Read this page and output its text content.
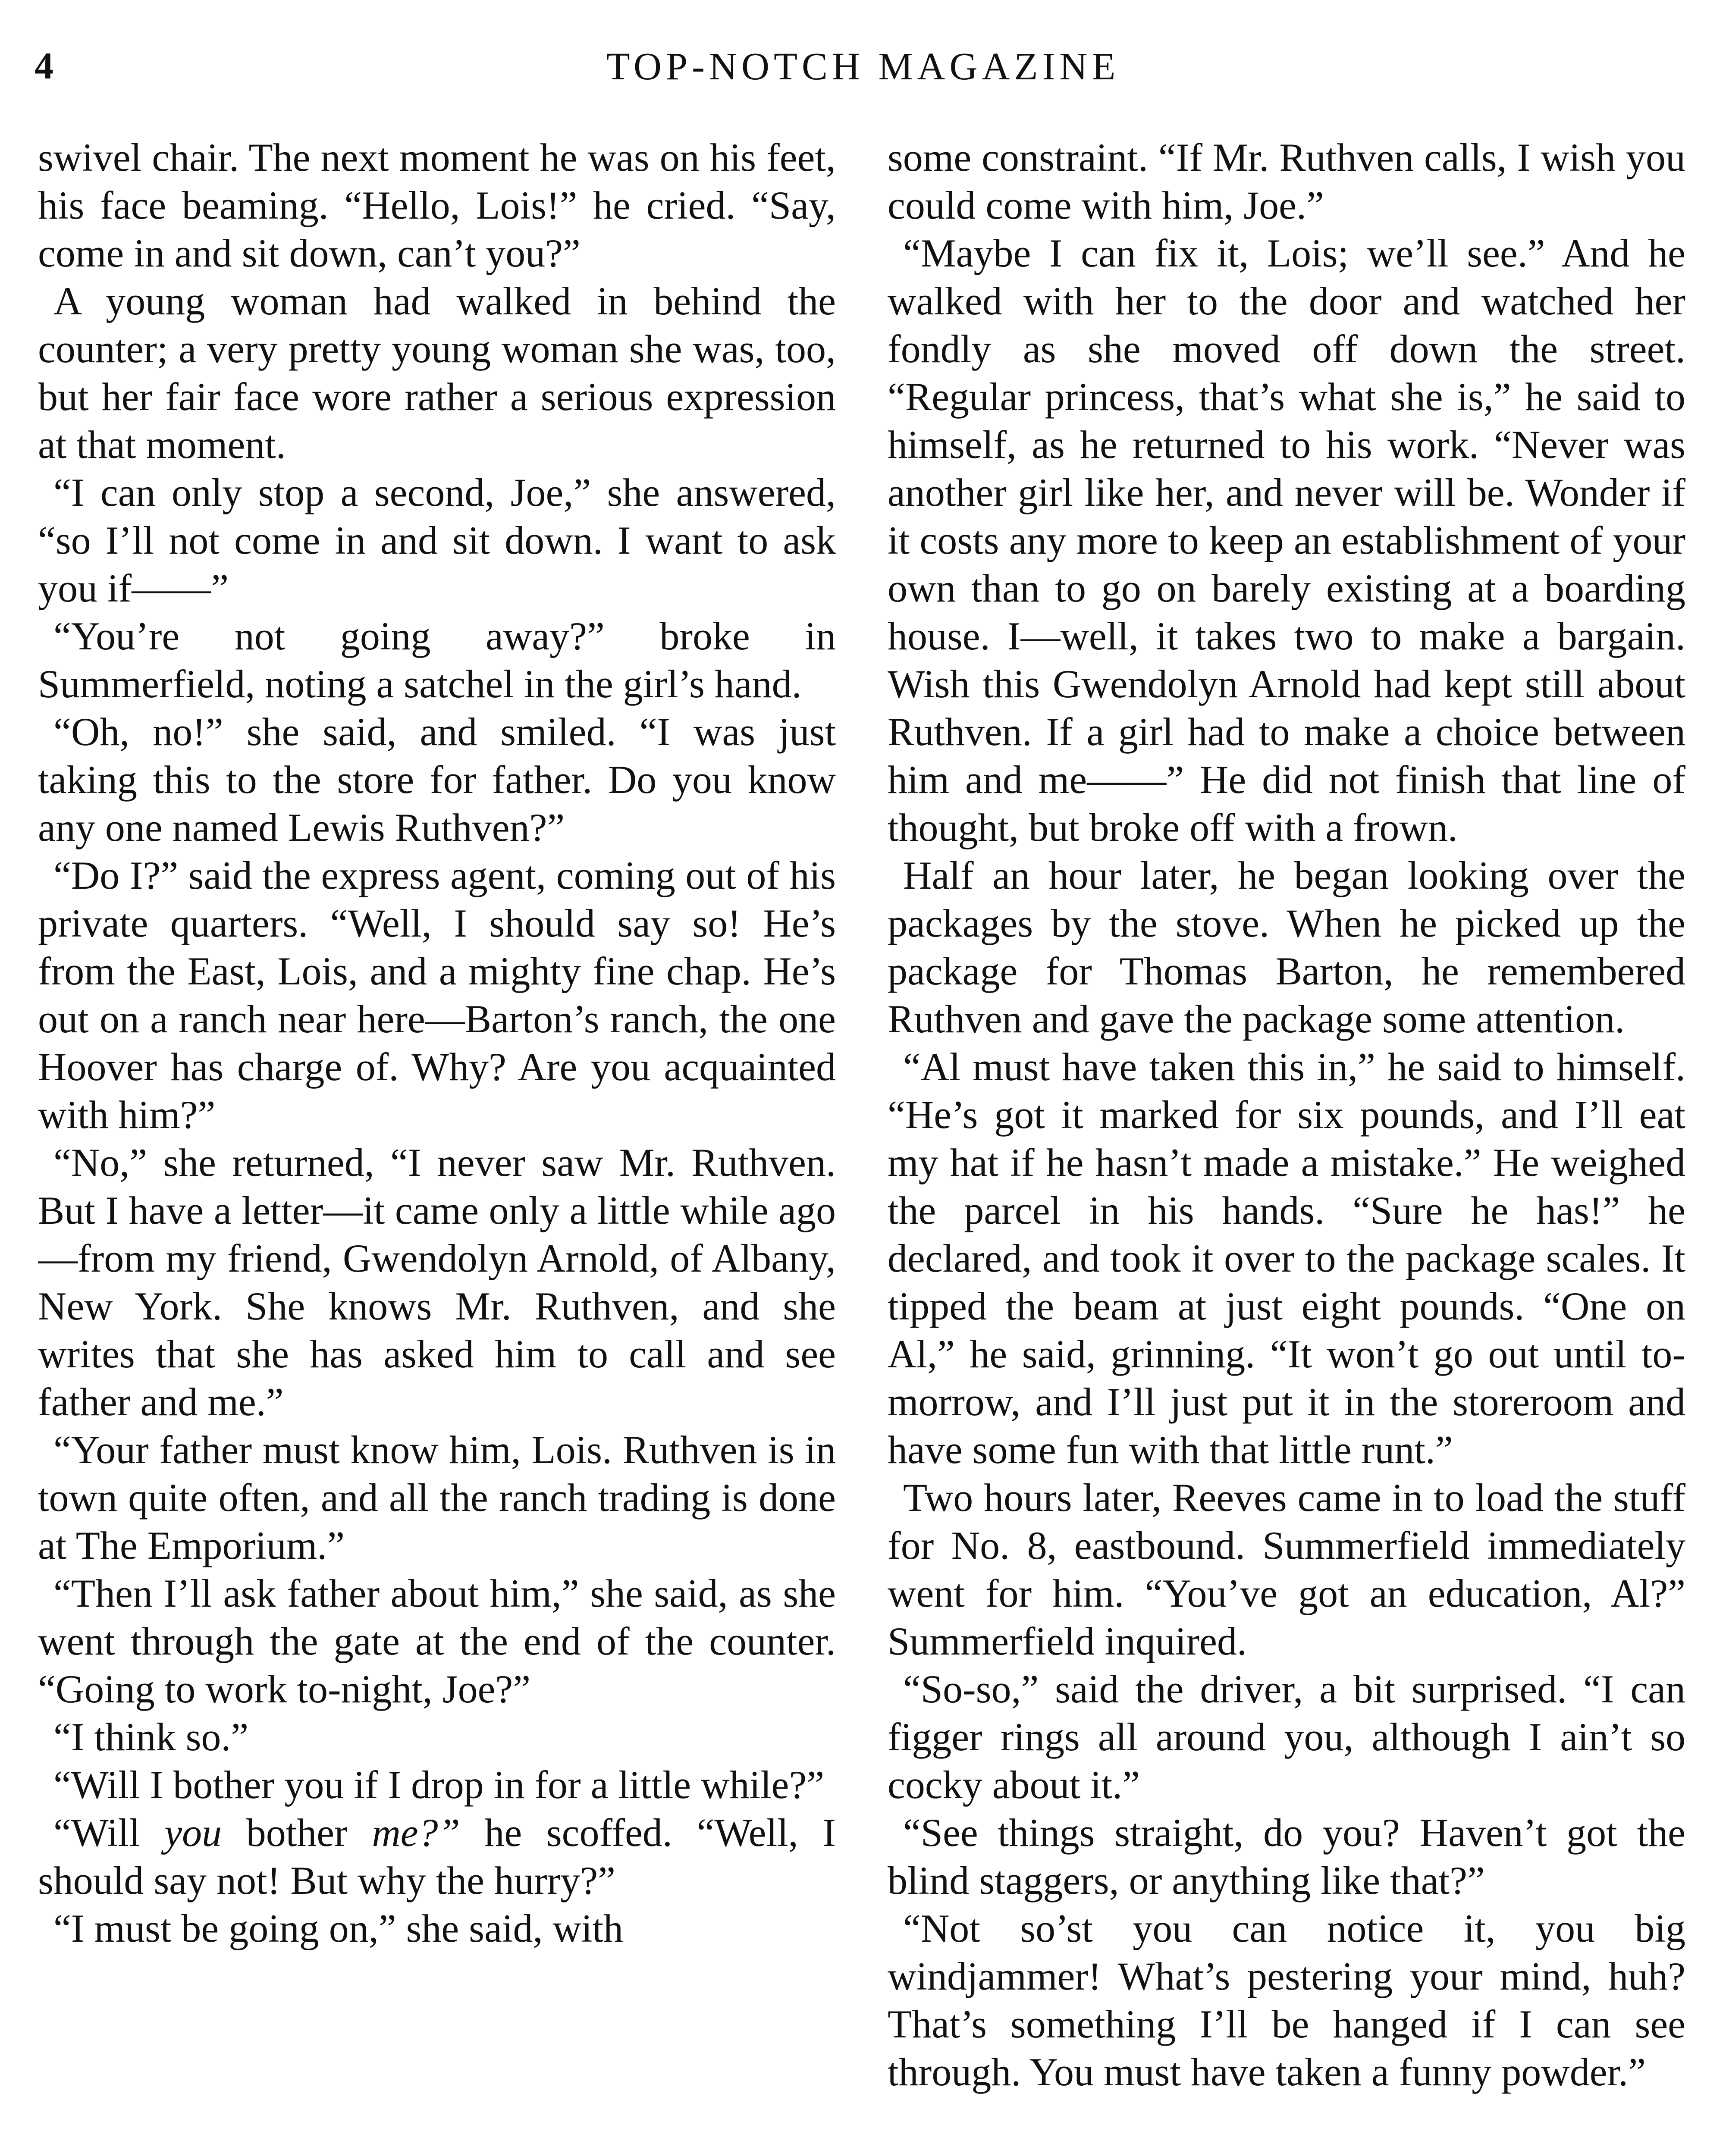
4	TOP-NOTCH MAGAZINE

swivel chair. The next moment he was on his feet, his face beaming. “Hello, Lois!” he cried. “Say, come in and sit down, can’t you?”

A young woman had walked in behind the counter; a very pretty young woman she was, too, but her fair face wore rather a serious expression at that moment.

“I can only stop a second, Joe,” she answered, “so I’ll not come in and sit down. I want to ask you if——”

“You’re not going away?” broke in Summerfield, noting a satchel in the girl’s hand.

“Oh, no!” she said, and smiled. “I was just taking this to the store for father. Do you know any one named Lewis Ruthven?”

“Do I?” said the express agent, coming out of his private quarters. “Well, I should say so! He’s from the East, Lois, and a mighty fine chap. He’s out on a ranch near here—Barton’s ranch, the one Hoover has charge of. Why? Are you acquainted with him?”

“No,” she returned, “I never saw Mr. Ruthven. But I have a letter—it came only a little while ago—from my friend, Gwendolyn Arnold, of Albany, New York. She knows Mr. Ruthven, and she writes that she has asked him to call and see father and me.”

“Your father must know him, Lois. Ruthven is in town quite often, and all the ranch trading is done at The Emporium.”

“Then I’ll ask father about him,” she said, as she went through the gate at the end of the counter. “Going to work to-night, Joe?”

“I think so.”

“Will I bother you if I drop in for a little while?”

“Will you bother me?” he scoffed. “Well, I should say not! But why the hurry?”

“I must be going on,” she said, with

some constraint. “If Mr. Ruthven calls, I wish you could come with him, Joe.”

“Maybe I can fix it, Lois; we’ll see.” And he walked with her to the door and watched her fondly as she moved off down the street. “Regular princess, that’s what she is,” he said to himself, as he returned to his work. “Never was another girl like her, and never will be. Wonder if it costs any more to keep an establishment of your own than to go on barely existing at a boarding house. I—well, it takes two to make a bargain. Wish this Gwendolyn Arnold had kept still about Ruthven. If a girl had to make a choice between him and me——” He did not finish that line of thought, but broke off with a frown.

Half an hour later, he began looking over the packages by the stove. When he picked up the package for Thomas Barton, he remembered Ruthven and gave the package some attention.

“Al must have taken this in,” he said to himself. “He’s got it marked for six pounds, and I’ll eat my hat if he hasn’t made a mistake.” He weighed the parcel in his hands. “Sure he has!” he declared, and took it over to the package scales. It tipped the beam at just eight pounds. “One on Al,” he said, grinning. “It won’t go out until to-morrow, and I’ll just put it in the storeroom and have some fun with that little runt.”

Two hours later, Reeves came in to load the stuff for No. 8, eastbound. Summerfield immediately went for him. “You’ve got an education, Al?” Summerfield inquired.

“So-so,” said the driver, a bit surprised. “I can figger rings all around you, although I ain’t so cocky about it.”

“See things straight, do you? Haven’t got the blind staggers, or anything like that?”

“Not so’st you can notice it, you big windjammer! What’s pestering your mind, huh? That’s something I’ll be hanged if I can see through. You must have taken a funny powder.”
